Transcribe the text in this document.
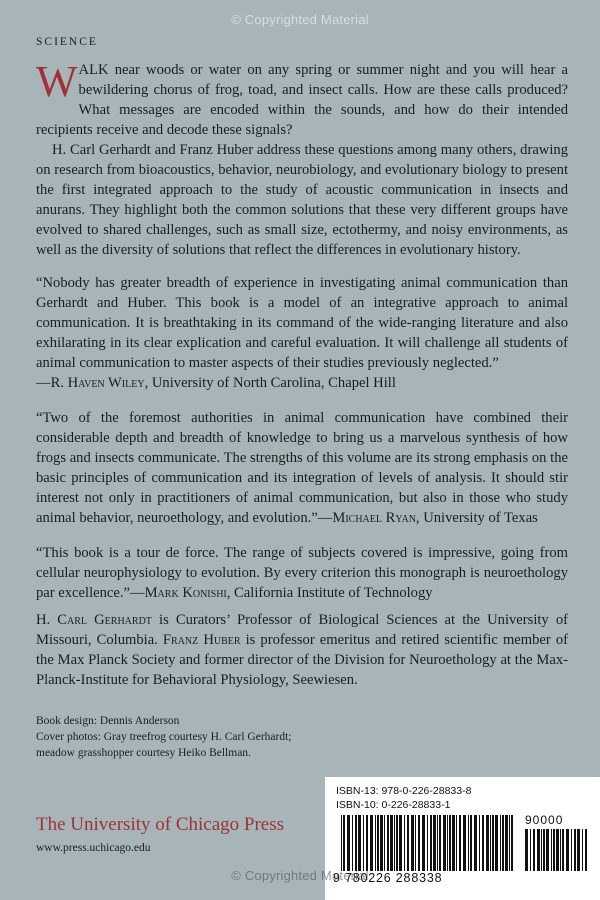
© Copyrighted Material
SCIENCE

WALK near woods or water on any spring or summer night and you will hear a bewildering chorus of frog, toad, and insect calls. How are these calls produced? What messages are encoded within the sounds, and how do their intended recipients receive and decode these signals?

H. Carl Gerhardt and Franz Huber address these questions among many others, drawing on research from bioacoustics, behavior, neurobiology, and evolutionary biology to present the first integrated approach to the study of acoustic communication in insects and anurans. They highlight both the common solutions that these very different groups have evolved to shared challenges, such as small size, ectothermy, and noisy environments, as well as the diversity of solutions that reflect the differences in evolutionary history.

“Nobody has greater breadth of experience in investigating animal communication than Gerhardt and Huber. This book is a model of an integrative approach to animal communication. It is breathtaking in its command of the wide-ranging literature and also exhilarating in its clear explication and careful evaluation. It will challenge all students of animal communication to master aspects of their studies previously neglected.”
—R. Haven Wiley, University of North Carolina, Chapel Hill

“Two of the foremost authorities in animal communication have combined their considerable depth and breadth of knowledge to bring us a marvelous synthesis of how frogs and insects communicate. The strengths of this volume are its strong emphasis on the basic principles of communication and its integration of levels of analysis. It should stir interest not only in practitioners of animal communication, but also in those who study animal behavior, neuroethology, and evolution.”—Michael Ryan, University of Texas

“This book is a tour de force. The range of subjects covered is impressive, going from cellular neurophysiology to evolution. By every criterion this monograph is neuroethology par excellence.”—Mark Konishi, California Institute of Technology

H. Carl Gerhardt is Curators’ Professor of Biological Sciences at the University of Missouri, Columbia. Franz Huber is professor emeritus and retired scientific member of the Max Planck Society and former director of the Division for Neuroethology at the Max-Planck-Institute for Behavioral Physiology, Seewiesen.
Book design: Dennis Anderson
Cover photos: Gray treefrog courtesy H. Carl Gerhardt;
meadow grasshopper courtesy Heiko Bellman.
The University of Chicago Press
www.press.uchicago.edu
ISBN-13: 978-0-226-28833-8
ISBN-10: 0-226-28833-1
90000
9 780226 288338
© Copyrighted Material
